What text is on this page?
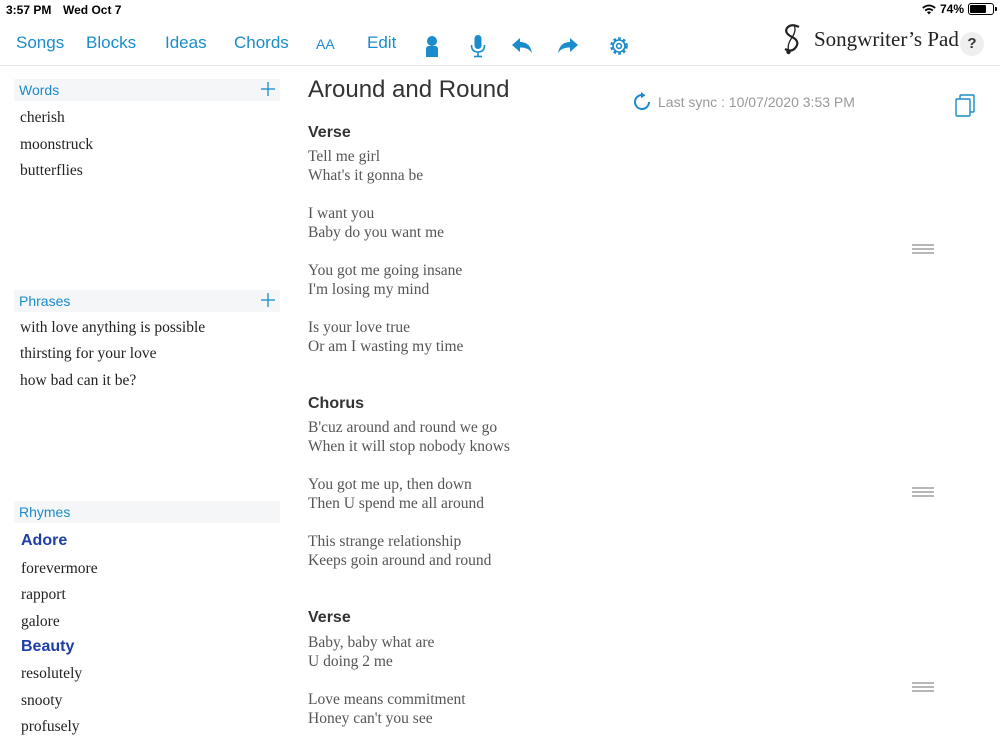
3:57 PM Wed Oct 7	74%
Songs Blocks Ideas Chords AA Edit	Songwriter’s Pad ?
Words
cherish
moonstruck
butterflies
Phrases
with love anything is possible
thirsting for your love
how bad can it be?
Rhymes
Adore
forevermore
rapport
galore
Beauty
resolutely
snooty
profusely
Around and Round	Last sync : 10/07/2020 3:53 PM
Verse
Tell me girl
What's it gonna be
I want you
Baby do you want me
You got me going insane
I'm losing my mind
Is your love true
Or am I wasting my time
Chorus
B'cuz around and round we go
When it will stop nobody knows
You got me up, then down
Then U spend me all around
This strange relationship
Keeps goin around and round
Verse
Baby, baby what are
U doing 2 me
Love means commitment
Honey can't you see
